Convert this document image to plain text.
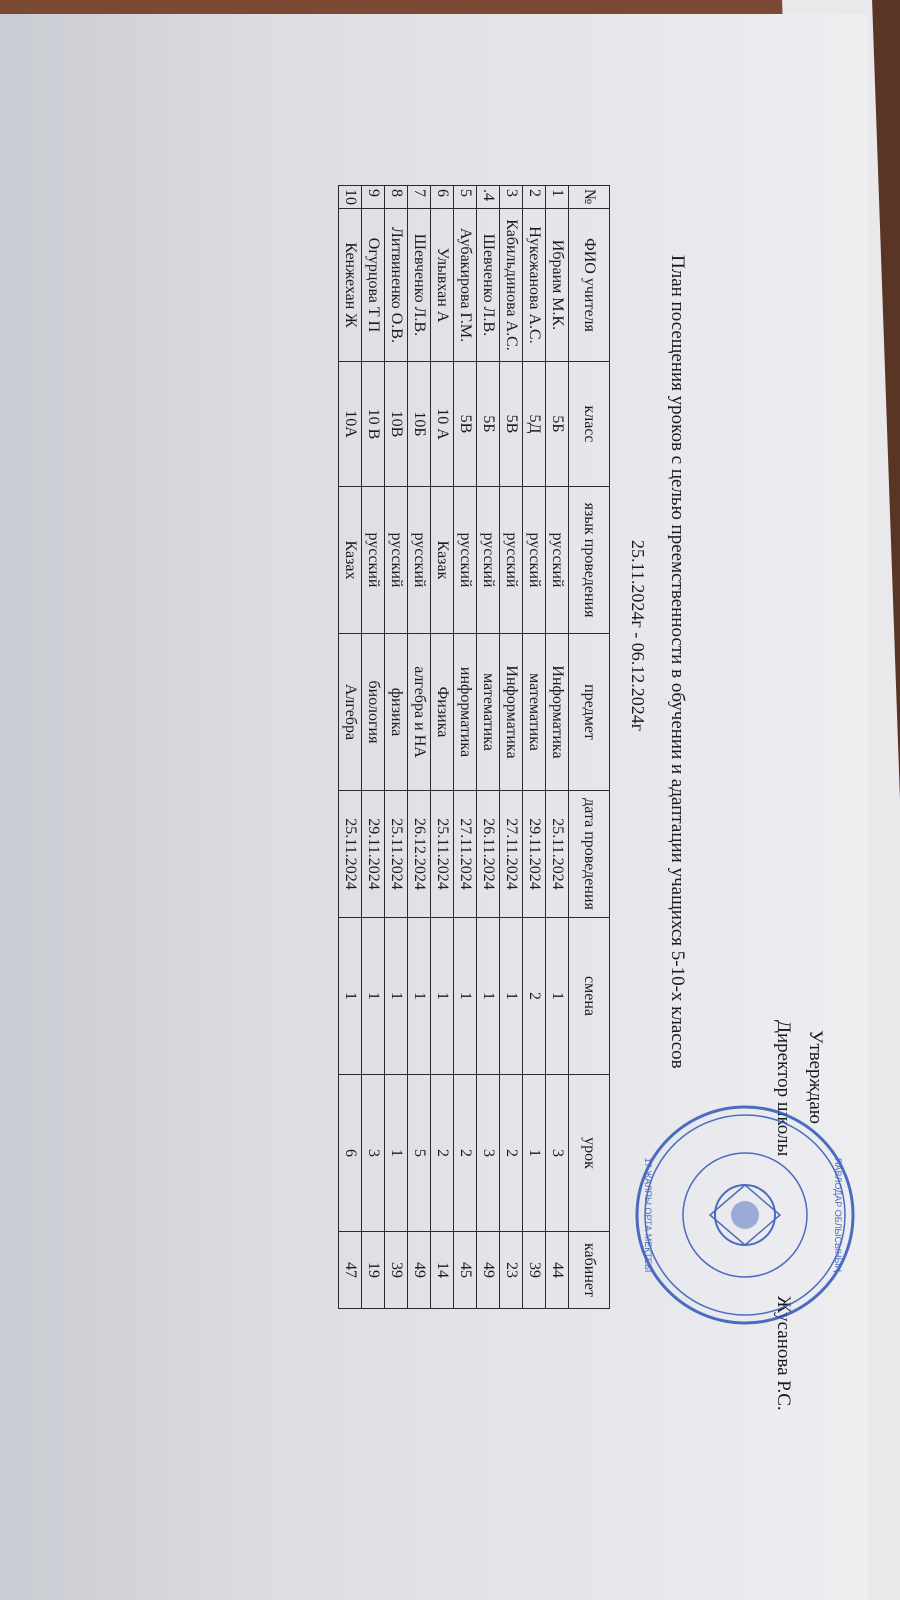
Утверждаю
Директор школы
Жусанова Р.С.
ПАВЛОДАР ОБЛЫСЫНЫҢ
17 ЖАЛПЫ ОРТА МЕКТЕБІ
План посещения уроков с целью преемственности в обучении и адаптации учащихся 5-10-х классов
25.11.2024г - 06.12.2024г
№	ФИО учителя	класс	язык проведения	предмет	дата проведения	смена	урок	кабинет
1	Ибраим М.К.	5Б	русский	Информатика	25.11.2024	1	3	44
2	Нукежанова А.С.	5Д	русский	математика	29.11.2024	2	1	39
3	Кабильдинова А.С.	5В	русский	Информатика	27.11.2024	1	2	23
.4	Шевченко Л.В.	5Б	русский	математика	26.11.2024	1	3	49
5	Аубакирова Г.М.	5В	русский	информатика	27.11.2024	1	2	45
6	Улывхан А	10 А	Казак	Физика	25.11.2024	1	2	14
7	Шевченко Л.В.	10Б	русский	алгебра и НА	26.12.2024	1	5	49
8	Литвиненко О.В.	10В	русский	физика	25.11.2024	1	1	39
9	Огурцова Т П	10 В	русский	биология	29.11.2024	1	3	19
10	Кенжехан Ж	10А	Казах	Алгебра	25.11.2024	1	6	47
